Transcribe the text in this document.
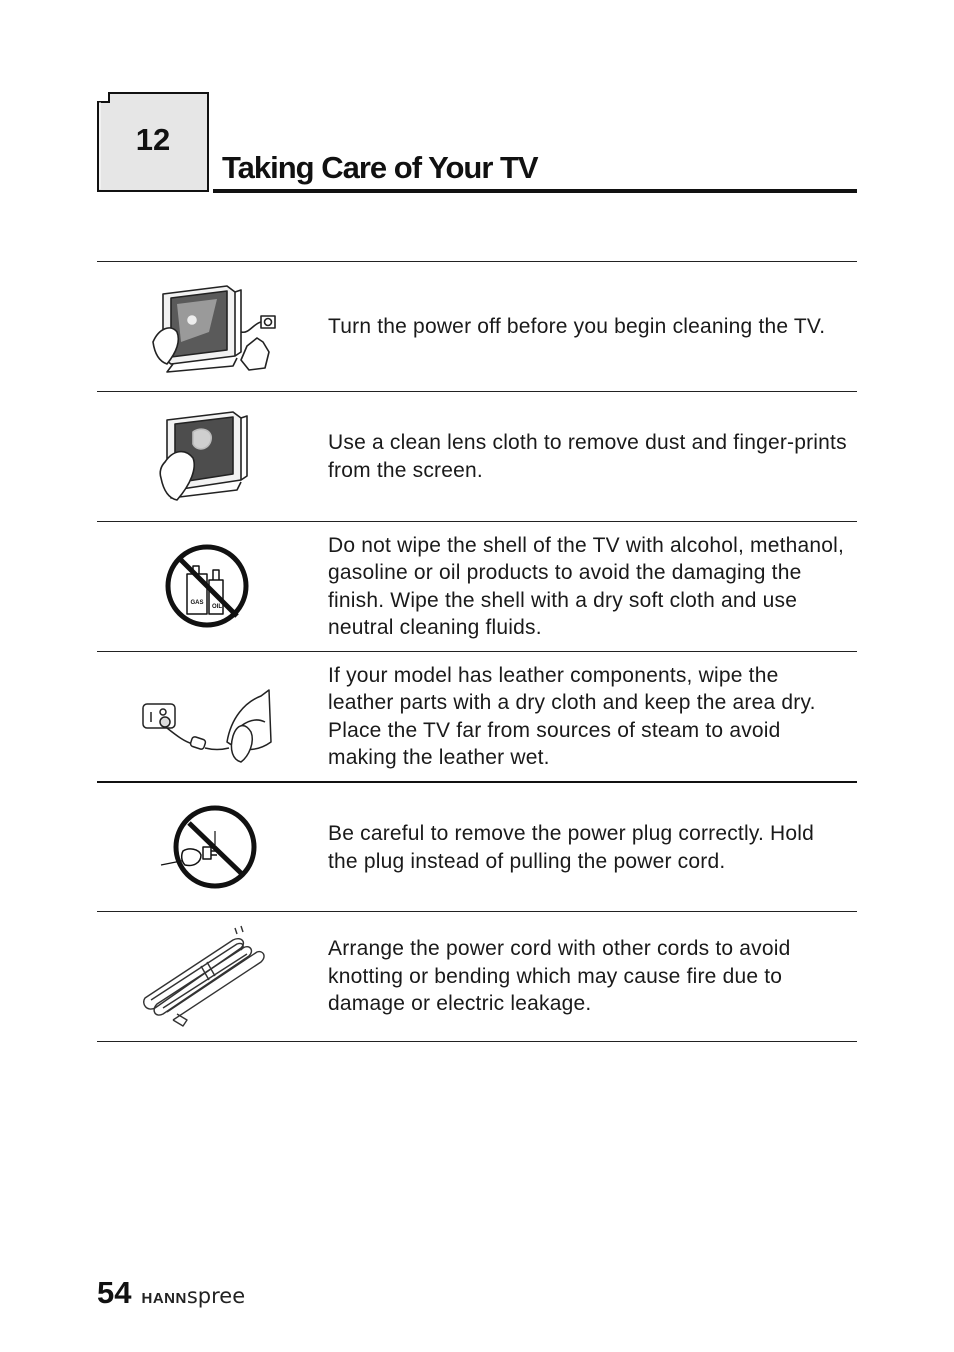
12
Taking Care of Your TV
Turn the power off before you begin cleaning the TV.
Use a clean lens cloth to remove dust and finger-prints from the screen.
GAS
OIL
Do not wipe the shell of the TV with alcohol, methanol, gasoline or oil products to avoid the damaging the finish. Wipe the shell with a dry soft cloth and use neutral cleaning fluids.
If your model has leather components, wipe the leather parts with a dry cloth and keep the area dry. Place the TV far from sources of steam to avoid making the leather wet.
Be careful to remove the power plug correctly. Hold the plug instead of pulling the power cord.
Arrange the power cord with other cords to avoid knotting or bending which may cause fire due to damage or electric leakage.
54 HANNspree
